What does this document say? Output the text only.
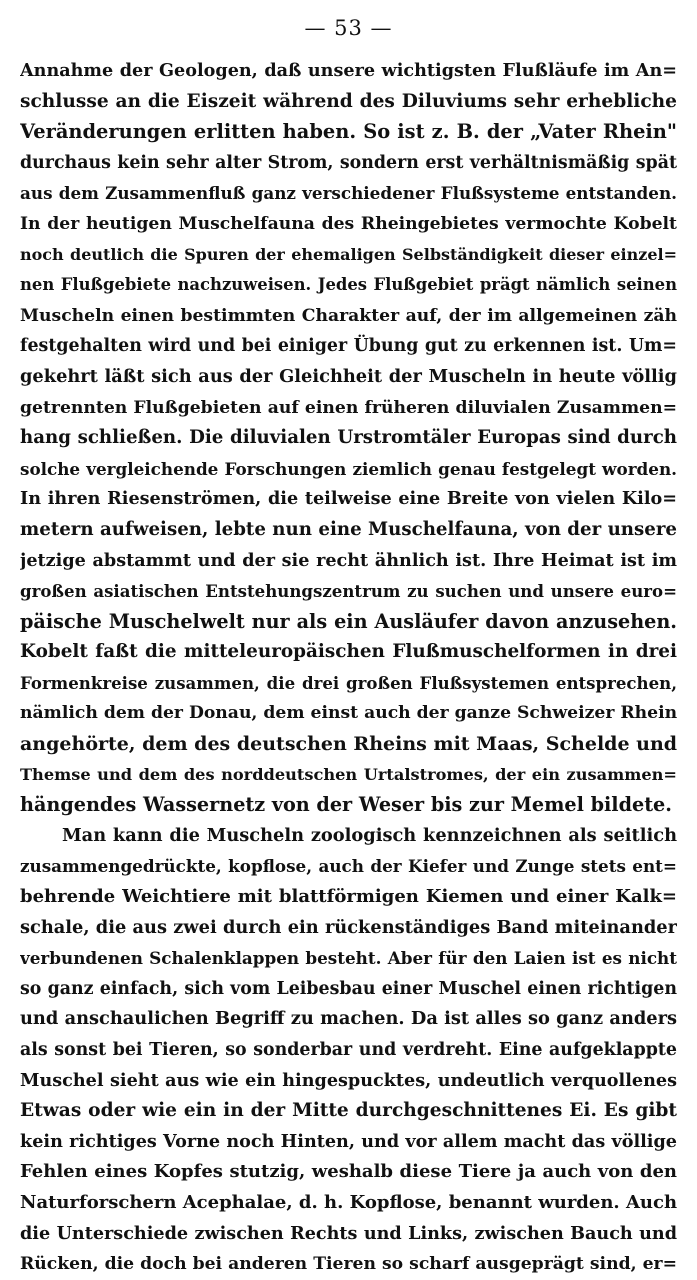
— 53 —
Annahme der Geologen, daß unsere wichtigsten Flußläufe im An=
schlusse an die Eiszeit während des Diluviums sehr erhebliche
Veränderungen erlitten haben. So ist z. B. der „Vater Rhein"
durchaus kein sehr alter Strom, sondern erst verhältnismäßig spät
aus dem Zusammenfluß ganz verschiedener Flußsysteme entstanden.
In der heutigen Muschelfauna des Rheingebietes vermochte Kobelt
noch deutlich die Spuren der ehemaligen Selbständigkeit dieser einzel=
nen Flußgebiete nachzuweisen. Jedes Flußgebiet prägt nämlich seinen
Muscheln einen bestimmten Charakter auf, der im allgemeinen zäh
festgehalten wird und bei einiger Übung gut zu erkennen ist. Um=
gekehrt läßt sich aus der Gleichheit der Muscheln in heute völlig
getrennten Flußgebieten auf einen früheren diluvialen Zusammen=
hang schließen. Die diluvialen Urstromtäler Europas sind durch
solche vergleichende Forschungen ziemlich genau festgelegt worden.
In ihren Riesenströmen, die teilweise eine Breite von vielen Kilo=
metern aufweisen, lebte nun eine Muschelfauna, von der unsere
jetzige abstammt und der sie recht ähnlich ist. Ihre Heimat ist im
großen asiatischen Entstehungszentrum zu suchen und unsere euro=
päische Muschelwelt nur als ein Ausläufer davon anzusehen.
Kobelt faßt die mitteleuropäischen Flußmuschelformen in drei
Formenkreise zusammen, die drei großen Flußsystemen entsprechen,
nämlich dem der Donau, dem einst auch der ganze Schweizer Rhein
angehörte, dem des deutschen Rheins mit Maas, Schelde und
Themse und dem des norddeutschen Urtalstromes, der ein zusammen=
hängendes Wassernetz von der Weser bis zur Memel bildete.
Man kann die Muscheln zoologisch kennzeichnen als seitlich
zusammengedrückte, kopflose, auch der Kiefer und Zunge stets ent=
behrende Weichtiere mit blattförmigen Kiemen und einer Kalk=
schale, die aus zwei durch ein rückenständiges Band miteinander
verbundenen Schalenklappen besteht. Aber für den Laien ist es nicht
so ganz einfach, sich vom Leibesbau einer Muschel einen richtigen
und anschaulichen Begriff zu machen. Da ist alles so ganz anders
als sonst bei Tieren, so sonderbar und verdreht. Eine aufgeklappte
Muschel sieht aus wie ein hingespucktes, undeutlich verquollenes
Etwas oder wie ein in der Mitte durchgeschnittenes Ei. Es gibt
kein richtiges Vorne noch Hinten, und vor allem macht das völlige
Fehlen eines Kopfes stutzig, weshalb diese Tiere ja auch von den
Naturforschern Acephalae, d. h. Kopflose, benannt wurden. Auch
die Unterschiede zwischen Rechts und Links, zwischen Bauch und
Rücken, die doch bei anderen Tieren so scharf ausgeprägt sind, er=
